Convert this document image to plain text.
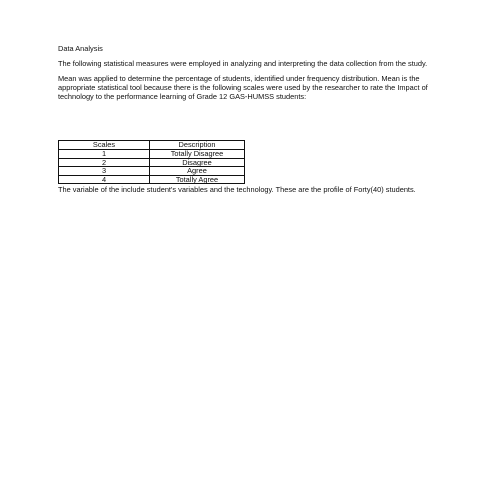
Data Analysis

The following statistical measures were employed in analyzing and interpreting the data collection from the study.

Mean was applied to determine the percentage of students, identified under frequency distribution. Mean is the appropriate statistical tool because there is the following scales were used by the researcher to rate the Impact of technology to the performance learning of Grade 12 GAS-HUMSS students:

Scales	Description
1	Totally Disagree
2	Disagree
3	Agree
4	Totally Agree

The variable of the include student's variables and the technology. These are the profile of Forty(40) students.
